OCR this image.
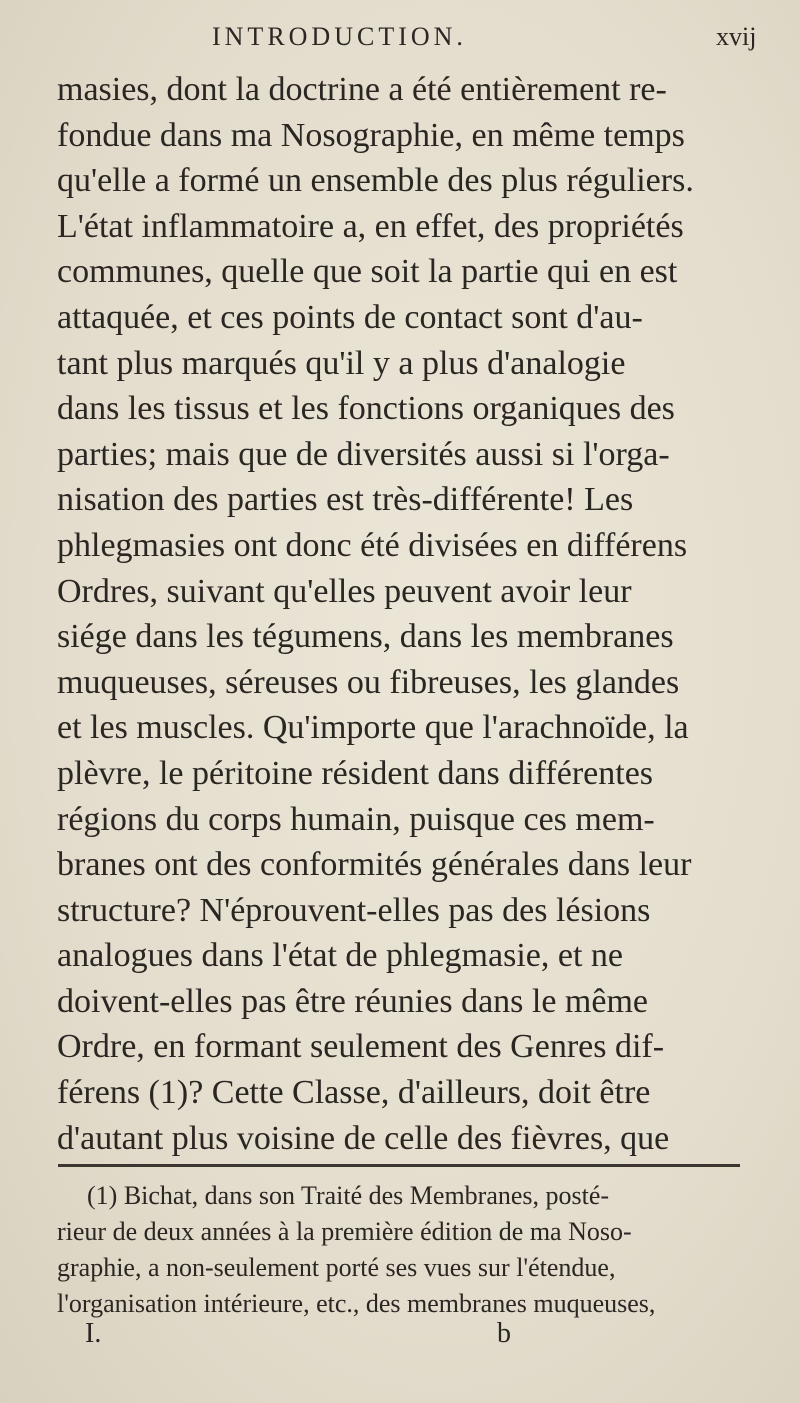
INTRODUCTION.	xvij
masies, dont la doctrine a été entièrement re-
fondue dans ma Nosographie, en même temps
qu'elle a formé un ensemble des plus réguliers.
L'état inflammatoire a, en effet, des propriétés
communes, quelle que soit la partie qui en est
attaquée, et ces points de contact sont d'au-
tant plus marqués qu'il y a plus d'analogie
dans les tissus et les fonctions organiques des
parties; mais que de diversités aussi si l'orga-
nisation des parties est très-différente! Les
phlegmasies ont donc été divisées en différens
Ordres, suivant qu'elles peuvent avoir leur
siége dans les tégumens, dans les membranes
muqueuses, séreuses ou fibreuses, les glandes
et les muscles. Qu'importe que l'arachnoïde, la
plèvre, le péritoine résident dans différentes
régions du corps humain, puisque ces mem-
branes ont des conformités générales dans leur
structure? N'éprouvent-elles pas des lésions
analogues dans l'état de phlegmasie, et ne
doivent-elles pas être réunies dans le même
Ordre, en formant seulement des Genres dif-
férens (1)? Cette Classe, d'ailleurs, doit être
d'autant plus voisine de celle des fièvres, que
(1) Bichat, dans son Traité des Membranes, posté-
rieur de deux années à la première édition de ma Noso-
graphie, a non-seulement porté ses vues sur l'étendue,
l'organisation intérieure, etc., des membranes muqueuses,
I.	b
